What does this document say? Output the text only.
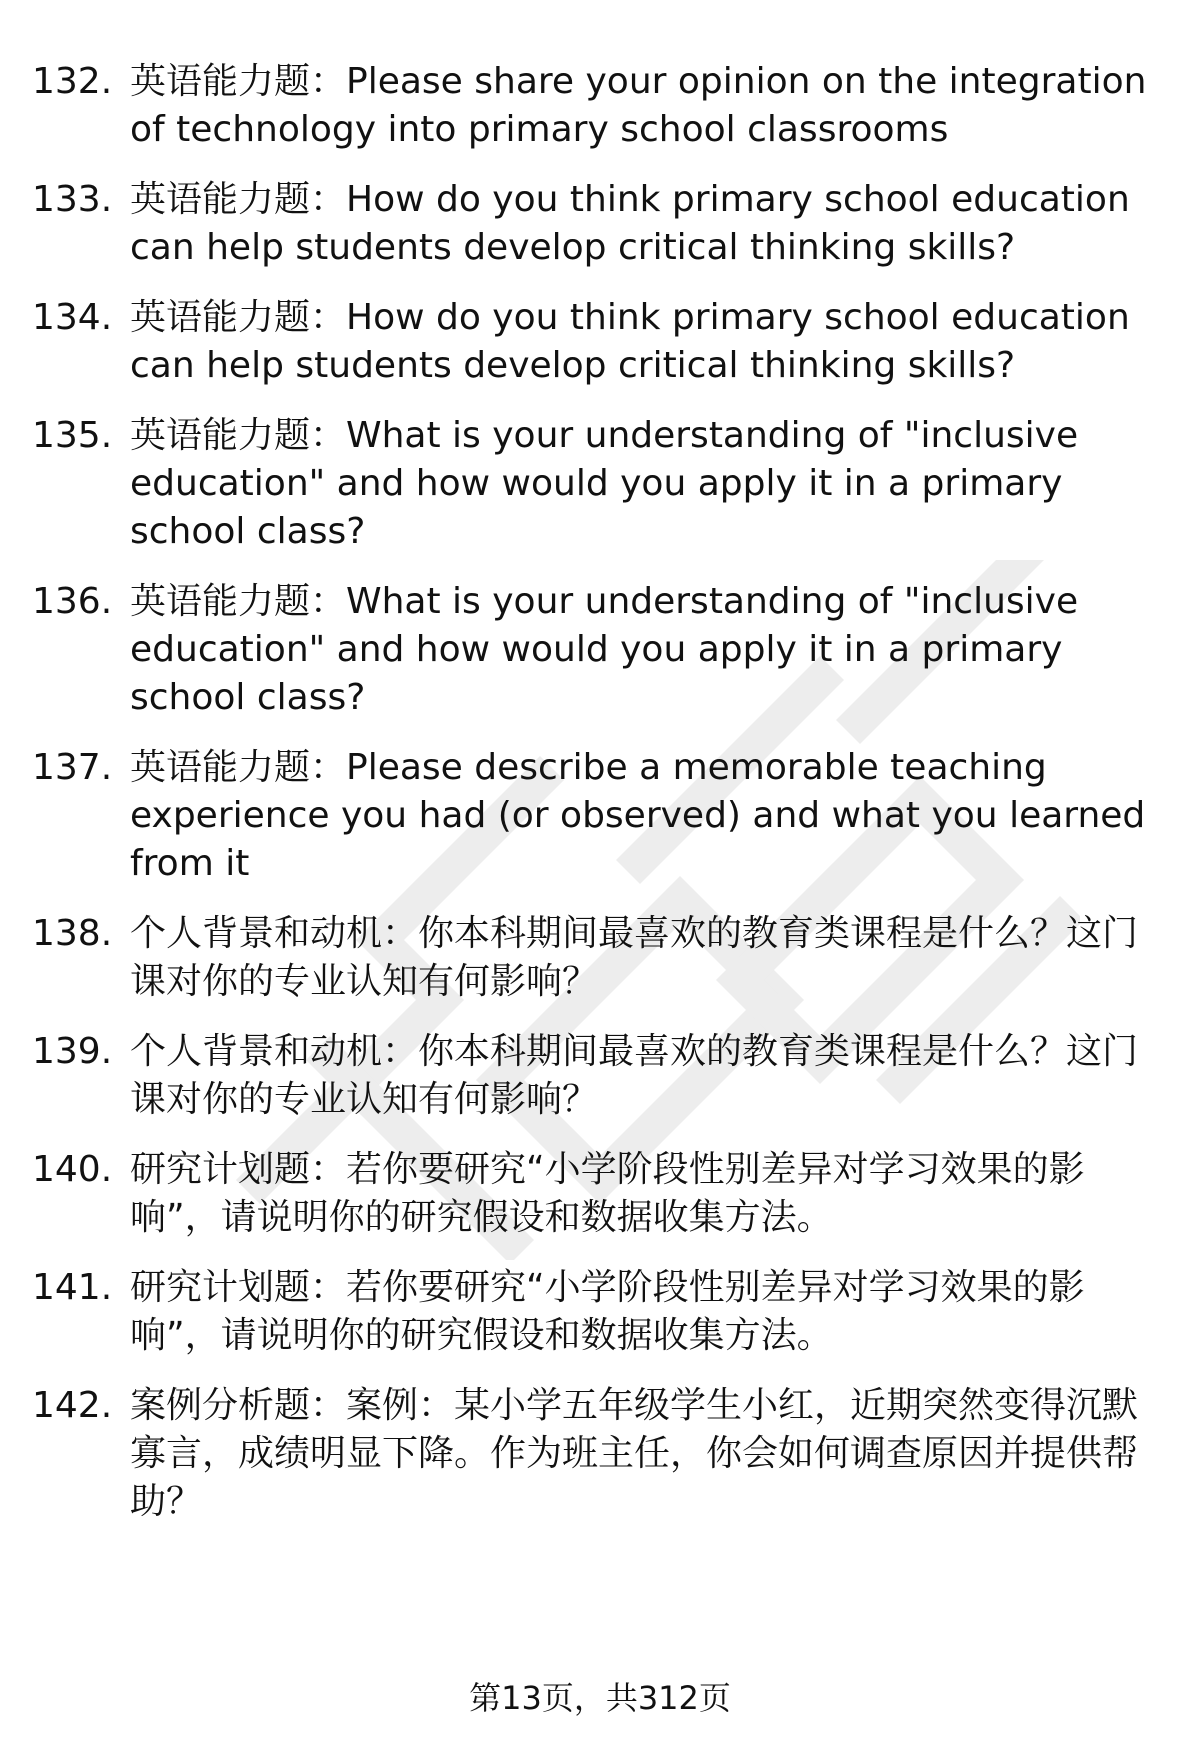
132. 英语能力题：Please share your opinion on the integration of technology into primary school classrooms
133. 英语能力题：How do you think primary school education can help students develop critical thinking skills?
134. 英语能力题：How do you think primary school education can help students develop critical thinking skills?
135. 英语能力题：What is your understanding of "inclusive education" and how would you apply it in a primary school class?
136. 英语能力题：What is your understanding of "inclusive education" and how would you apply it in a primary school class?
137. 英语能力题：Please describe a memorable teaching experience you had (or observed) and what you learned from it
138. 个人背景和动机：你本科期间最喜欢的教育类课程是什么？这门课对你的专业认知有何影响？
139. 个人背景和动机：你本科期间最喜欢的教育类课程是什么？这门课对你的专业认知有何影响？
140. 研究计划题：若你要研究“小学阶段性别差异对学习效果的影响”，请说明你的研究假设和数据收集方法。
141. 研究计划题：若你要研究“小学阶段性别差异对学习效果的影响”，请说明你的研究假设和数据收集方法。
142. 案例分析题：案例：某小学五年级学生小红，近期突然变得沉默寡言，成绩明显下降。作为班主任，你会如何调查原因并提供帮助？
第13页，共312页
